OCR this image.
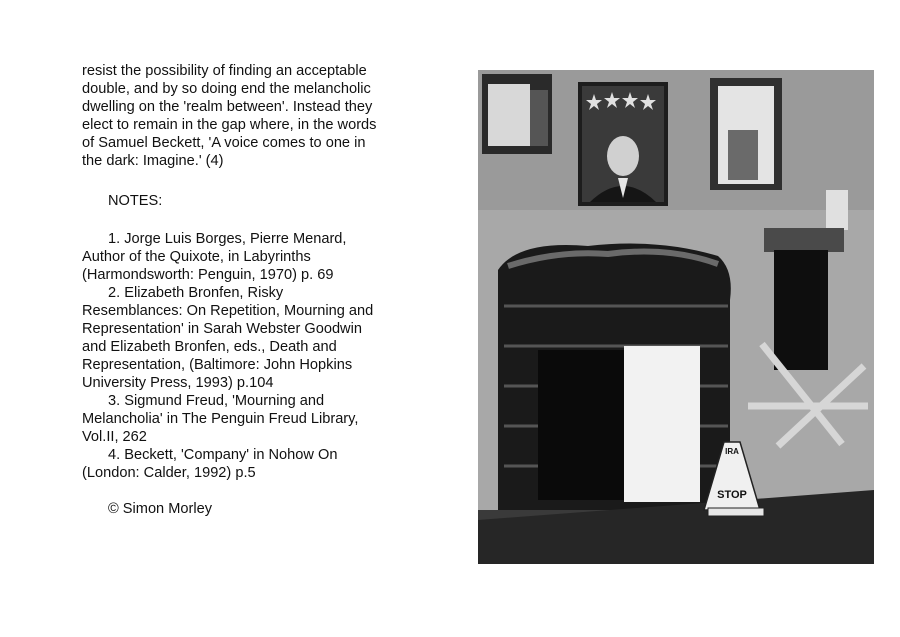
resist the possibility of finding an acceptable double, and by so doing end the melancholic dwelling on the 'realm between'. Instead they elect to remain in the gap where, in the words of Samuel Beckett, 'A voice comes to one in the dark: Imagine.' (4)

NOTES:

1. Jorge Luis Borges, Pierre Menard, Author of the Quixote, in Labyrinths (Harmondsworth: Penguin, 1970) p. 69

2. Elizabeth Bronfen, Risky Resemblances: On Repetition, Mourning and Representation' in Sarah Webster Goodwin and Elizabeth Bronfen, eds., Death and Representation, (Baltimore: John Hopkins University Press, 1993) p.104

3. Sigmund Freud, 'Mourning and Melancholia' in The Penguin Freud Library, Vol.II, 262

4. Beckett, 'Company' in Nohow On (London: Calder, 1992) p.5

© Simon Morley

IRA
STOP
